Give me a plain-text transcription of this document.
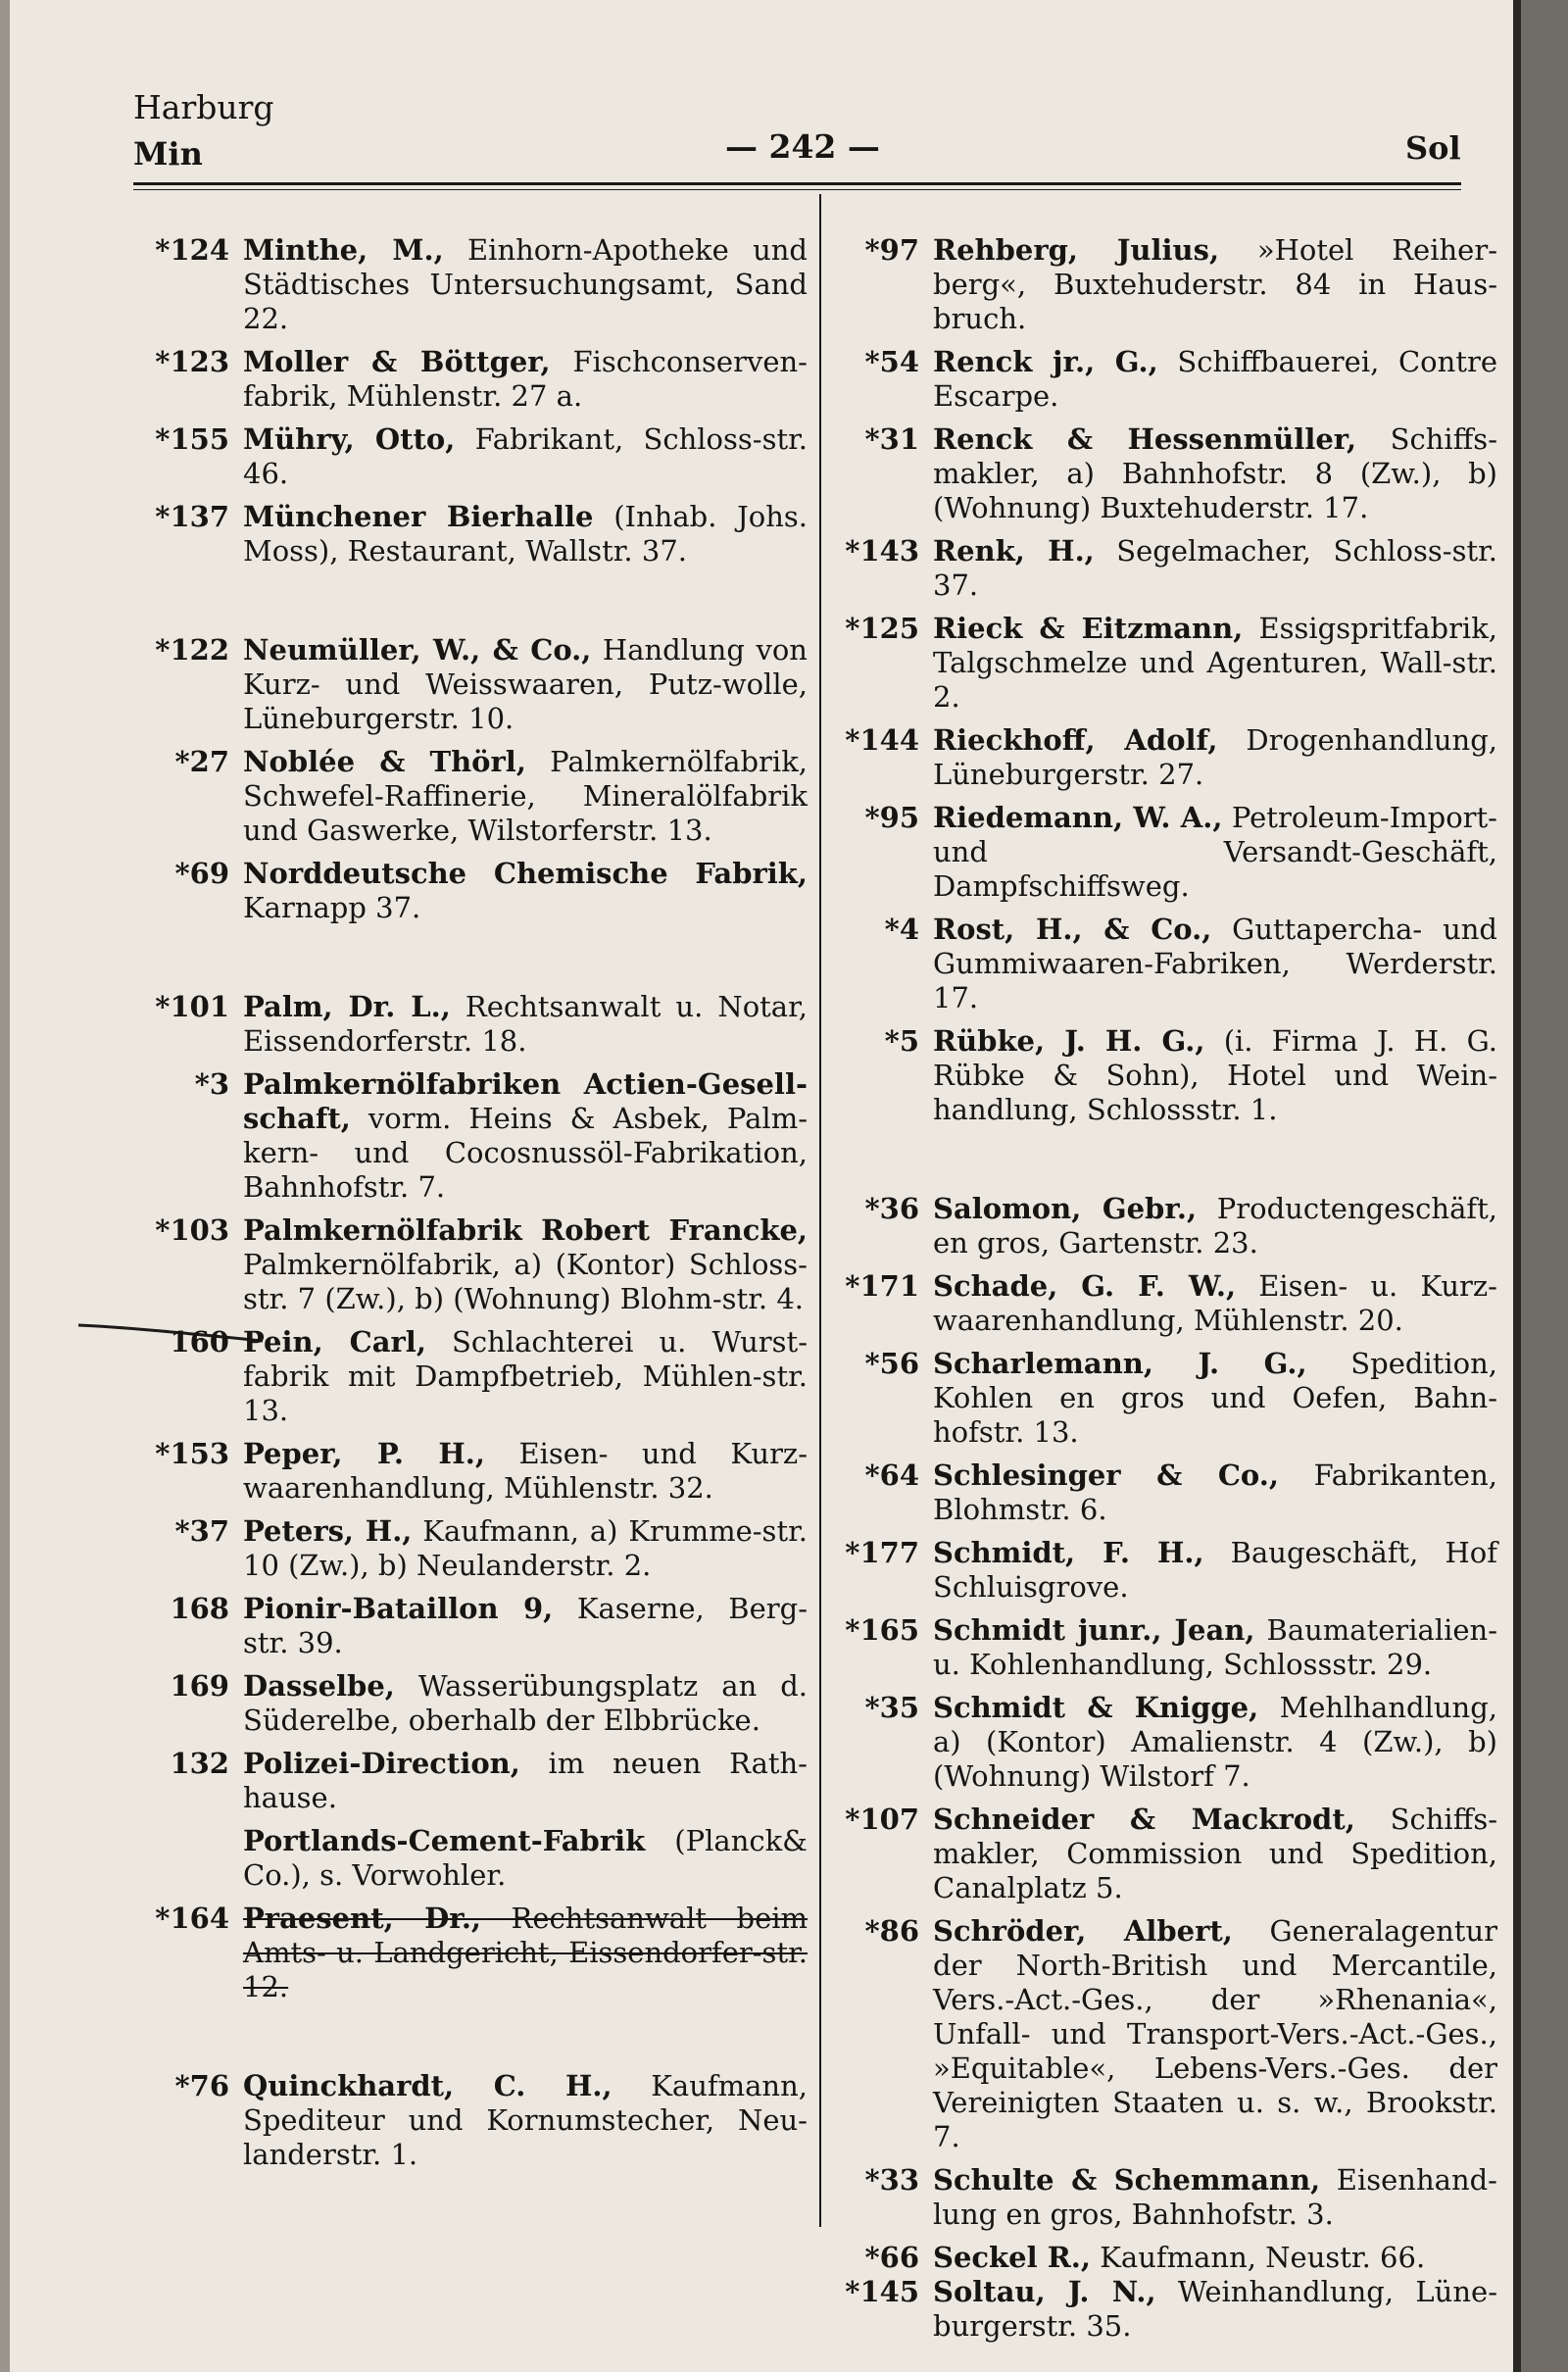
Harburg
Min	— 242 —	Sol
*124 Minthe, M., Einhorn-Apotheke und Städtisches Untersuchungsamt, Sand 22.
*123 Moller & Böttger, Fischconserven-fabrik, Mühlenstr. 27 a.
*155 Mühry, Otto, Fabrikant, Schloss-str. 46.
*137 Münchener Bierhalle (Inhab. Johs. Moss), Restaurant, Wallstr. 37.
*122 Neumüller, W., & Co., Handlung von Kurz- und Weisswaaren, Putz-wolle, Lüneburgerstr. 10.
*27 Noblée & Thörl, Palmkernölfabrik, Schwefel-Raffinerie, Mineralölfabrik und Gaswerke, Wilstorferstr. 13.
*69 Norddeutsche Chemische Fabrik, Karnapp 37.
*101 Palm, Dr. L., Rechtsanwalt u. Notar, Eissendorferstr. 18.
*3 Palmkernölfabriken Actien-Gesell-schaft, vorm. Heins & Asbek, Palm-kern- und Cocosnussöl-Fabrikation, Bahnhofstr. 7.
*103 Palmkernölfabrik Robert Francke, Palmkernölfabrik, a) (Kontor) Schloss-str. 7 (Zw.), b) (Wohnung) Blohm-str. 4.
160 Pein, Carl, Schlachterei u. Wurst-fabrik mit Dampfbetrieb, Mühlen-str. 13.
*153 Peper, P. H., Eisen- und Kurz-waarenhandlung, Mühlenstr. 32.
*37 Peters, H., Kaufmann, a) Krumme-str. 10 (Zw.), b) Neulanderstr. 2.
168 Pionir-Bataillon 9, Kaserne, Berg-str. 39.
169 Dasselbe, Wasserübungsplatz an d. Süderelbe, oberhalb der Elbbrücke.
132 Polizei-Direction, im neuen Rath-hause.
Portlands-Cement-Fabrik (Planck& Co.), s. Vorwohler.
*164 Praesent, Dr., Rechtsanwalt beim Amts- u. Landgericht, Eissendorfer-str. 12.
*76 Quinckhardt, C. H., Kaufmann, Spediteur und Kornumstecher, Neu-landerstr. 1.
*97 Rehberg, Julius, »Hotel Reiher-berg«, Buxtehuderstr. 84 in Haus-bruch.
*54 Renck jr., G., Schiffbauerei, Contre Escarpe.
*31 Renck & Hessenmüller, Schiffs-makler, a) Bahnhofstr. 8 (Zw.), b) (Wohnung) Buxtehuderstr. 17.
*143 Renk, H., Segelmacher, Schloss-str. 37.
*125 Rieck & Eitzmann, Essigspritfabrik, Talgschmelze und Agenturen, Wall-str. 2.
*144 Rieckhoff, Adolf, Drogenhandlung, Lüneburgerstr. 27.
*95 Riedemann, W. A., Petroleum-Import- und Versandt-Geschäft, Dampfschiffsweg.
*4 Rost, H., & Co., Guttapercha- und Gummiwaaren-Fabriken, Werderstr. 17.
*5 Rübke, J. H. G., (i. Firma J. H. G. Rübke & Sohn), Hotel und Wein-handlung, Schlossstr. 1.
*36 Salomon, Gebr., Productengeschäft, en gros, Gartenstr. 23.
*171 Schade, G. F. W., Eisen- u. Kurz-waarenhandlung, Mühlenstr. 20.
*56 Scharlemann, J. G., Spedition, Kohlen en gros und Oefen, Bahn-hofstr. 13.
*64 Schlesinger & Co., Fabrikanten, Blohmstr. 6.
*177 Schmidt, F. H., Baugeschäft, Hof Schluisgrove.
*165 Schmidt junr., Jean, Baumaterialien- u. Kohlenhandlung, Schlossstr. 29.
*35 Schmidt & Knigge, Mehlhandlung, a) (Kontor) Amalienstr. 4 (Zw.), b) (Wohnung) Wilstorf 7.
*107 Schneider & Mackrodt, Schiffs-makler, Commission und Spedition, Canalplatz 5.
*86 Schröder, Albert, Generalagentur der North-British und Mercantile, Vers.-Act.-Ges., der »Rhenania«, Unfall- und Transport-Vers.-Act.-Ges., »Equitable«, Lebens-Vers.-Ges. der Vereinigten Staaten u. s. w., Brookstr. 7.
*33 Schulte & Schemmann, Eisenhand-lung en gros, Bahnhofstr. 3.
*66 Seckel R., Kaufmann, Neustr. 66.
*145 Soltau, J. N., Weinhandlung, Lüne-burgerstr. 35.
